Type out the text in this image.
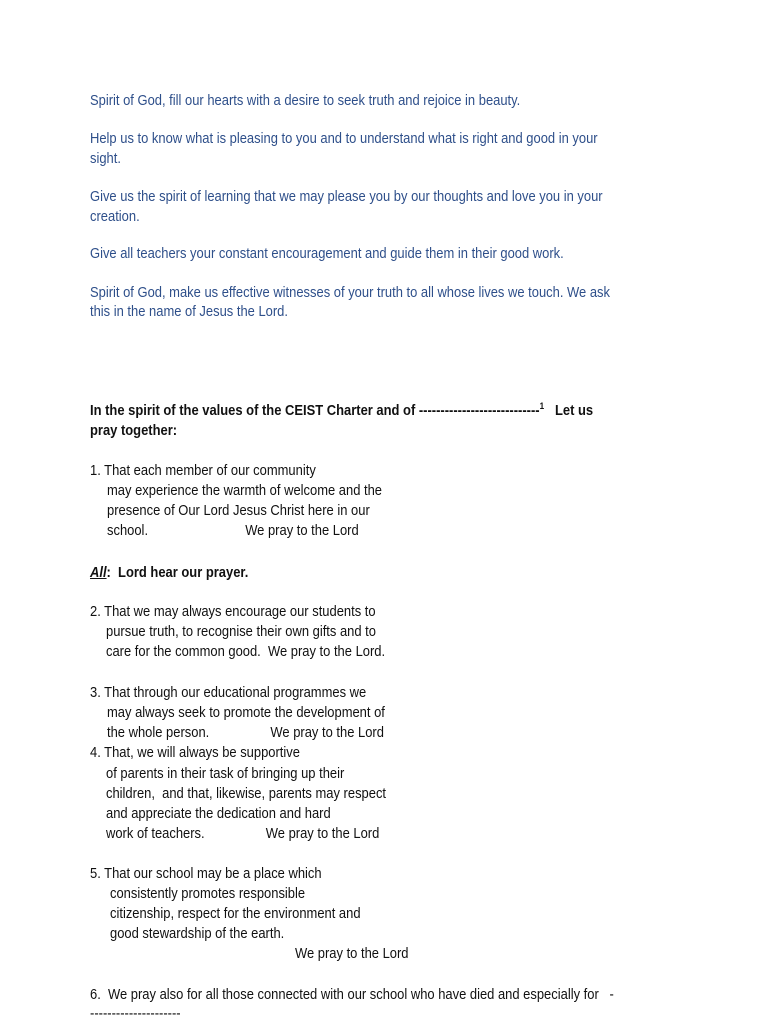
Spirit of God, fill our hearts with a desire to seek truth and rejoice in beauty.
Help us to know what is pleasing to you and to understand what is right and good in your
sight.
Give us the spirit of learning that we may please you by our thoughts and love you in your
creation.
Give all teachers your constant encouragement and guide them in their good work.
Spirit of God, make us effective witnesses of your truth to all whose lives we touch. We ask
this in the name of Jesus the Lord.
In the spirit of the values of the CEIST Charter and of ----------------------------$^1$ Let us
pray together:
1. That each member of our community
may experience the warmth of welcome and the
presence of Our Lord Jesus Christ here in our
school.                           We pray to the Lord
All:  Lord hear our prayer.
2. That we may always encourage our students to
pursue truth, to recognise their own gifts and to
care for the common good.  We pray to the Lord.
3. That through our educational programmes we
may always seek to promote the development of
the whole person.                 We pray to the Lord
4. That, we will always be supportive
of parents in their task of bringing up their
children,  and that, likewise, parents may respect
and appreciate the dedication and hard
work of teachers.                 We pray to the Lord
5. That our school may be a place which
consistently promotes responsible
citizenship, respect for the environment and
good stewardship of the earth.
We pray to the Lord
6.  We pray also for all those connected with our school who have died and especially for   -
---------------------
